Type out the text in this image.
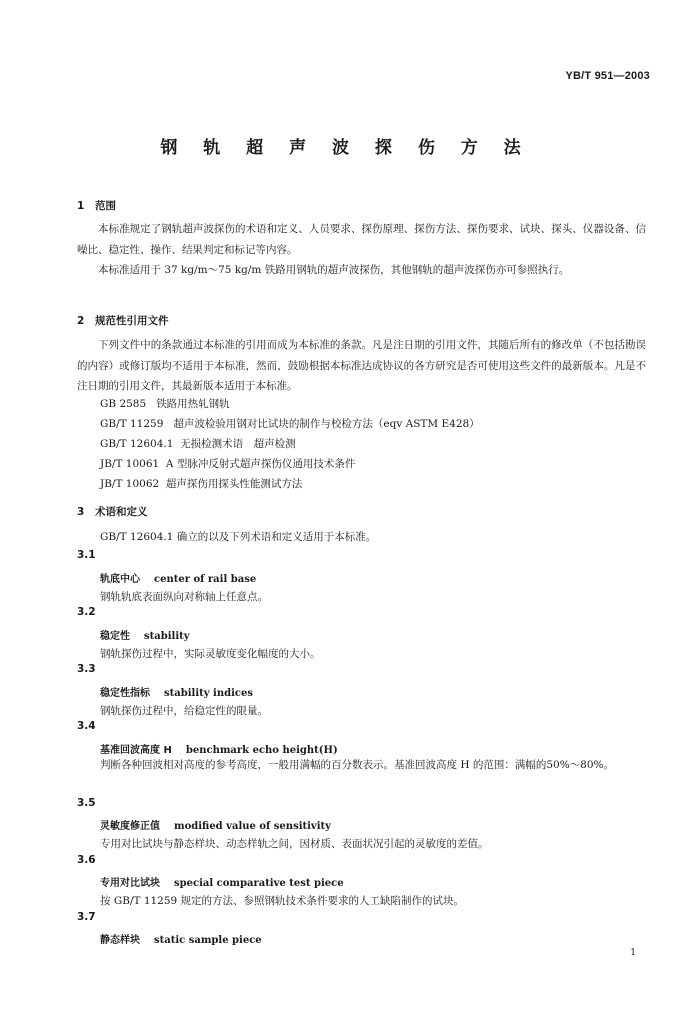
YB/T 951—2003
钢 轨 超 声 波 探 伤 方 法
1 范围
本标准规定了钢轨超声波探伤的术语和定义、人员要求、探伤原理、探伤方法、探伤要求、试块、探头、仪器设备、信噪比、稳定性、操作、结果判定和标记等内容。
本标准适用于 37 kg/m～75 kg/m 铁路用钢轨的超声波探伤，其他钢轨的超声波探伤亦可参照执行。
2 规范性引用文件
下列文件中的条款通过本标准的引用而成为本标准的条款。凡是注日期的引用文件，其随后所有的修改单（不包括勘误的内容）或修订版均不适用于本标准，然而，鼓励根据本标准达成协议的各方研究是否可使用这些文件的最新版本。凡是不注日期的引用文件，其最新版本适用于本标准。
GB 2585 铁路用热轧钢轨
GB/T 11259 超声波检验用钢对比试块的制作与校检方法（eqv ASTM E428）
GB/T 12604.1 无损检测术语　超声检测
JB/T 10061 A 型脉冲反射式超声探伤仪通用技术条件
JB/T 10062 超声探伤用探头性能测试方法
3 术语和定义
GB/T 12604.1 确立的以及下列术语和定义适用于本标准。
3.1
轨底中心 center of rail base
钢轨轨底表面纵向对称轴上任意点。
3.2
稳定性 stability
钢轨探伤过程中，实际灵敏度变化幅度的大小。
3.3
稳定性指标 stability indices
钢轨探伤过程中，给稳定性的限量。
3.4
基准回波高度 H benchmark echo height(H)
判断各种回波相对高度的参考高度，一般用满幅的百分数表示。基准回波高度 H 的范围：满幅的50%～80%。
3.5
灵敏度修正值 modified value of sensitivity
专用对比试块与静态样块、动态样轨之间，因材质、表面状况引起的灵敏度的差值。
3.6
专用对比试块 special comparative test piece
按 GB/T 11259 规定的方法、参照钢轨技术条件要求的人工缺陷制作的试块。
3.7
静态样块 static sample piece
1
